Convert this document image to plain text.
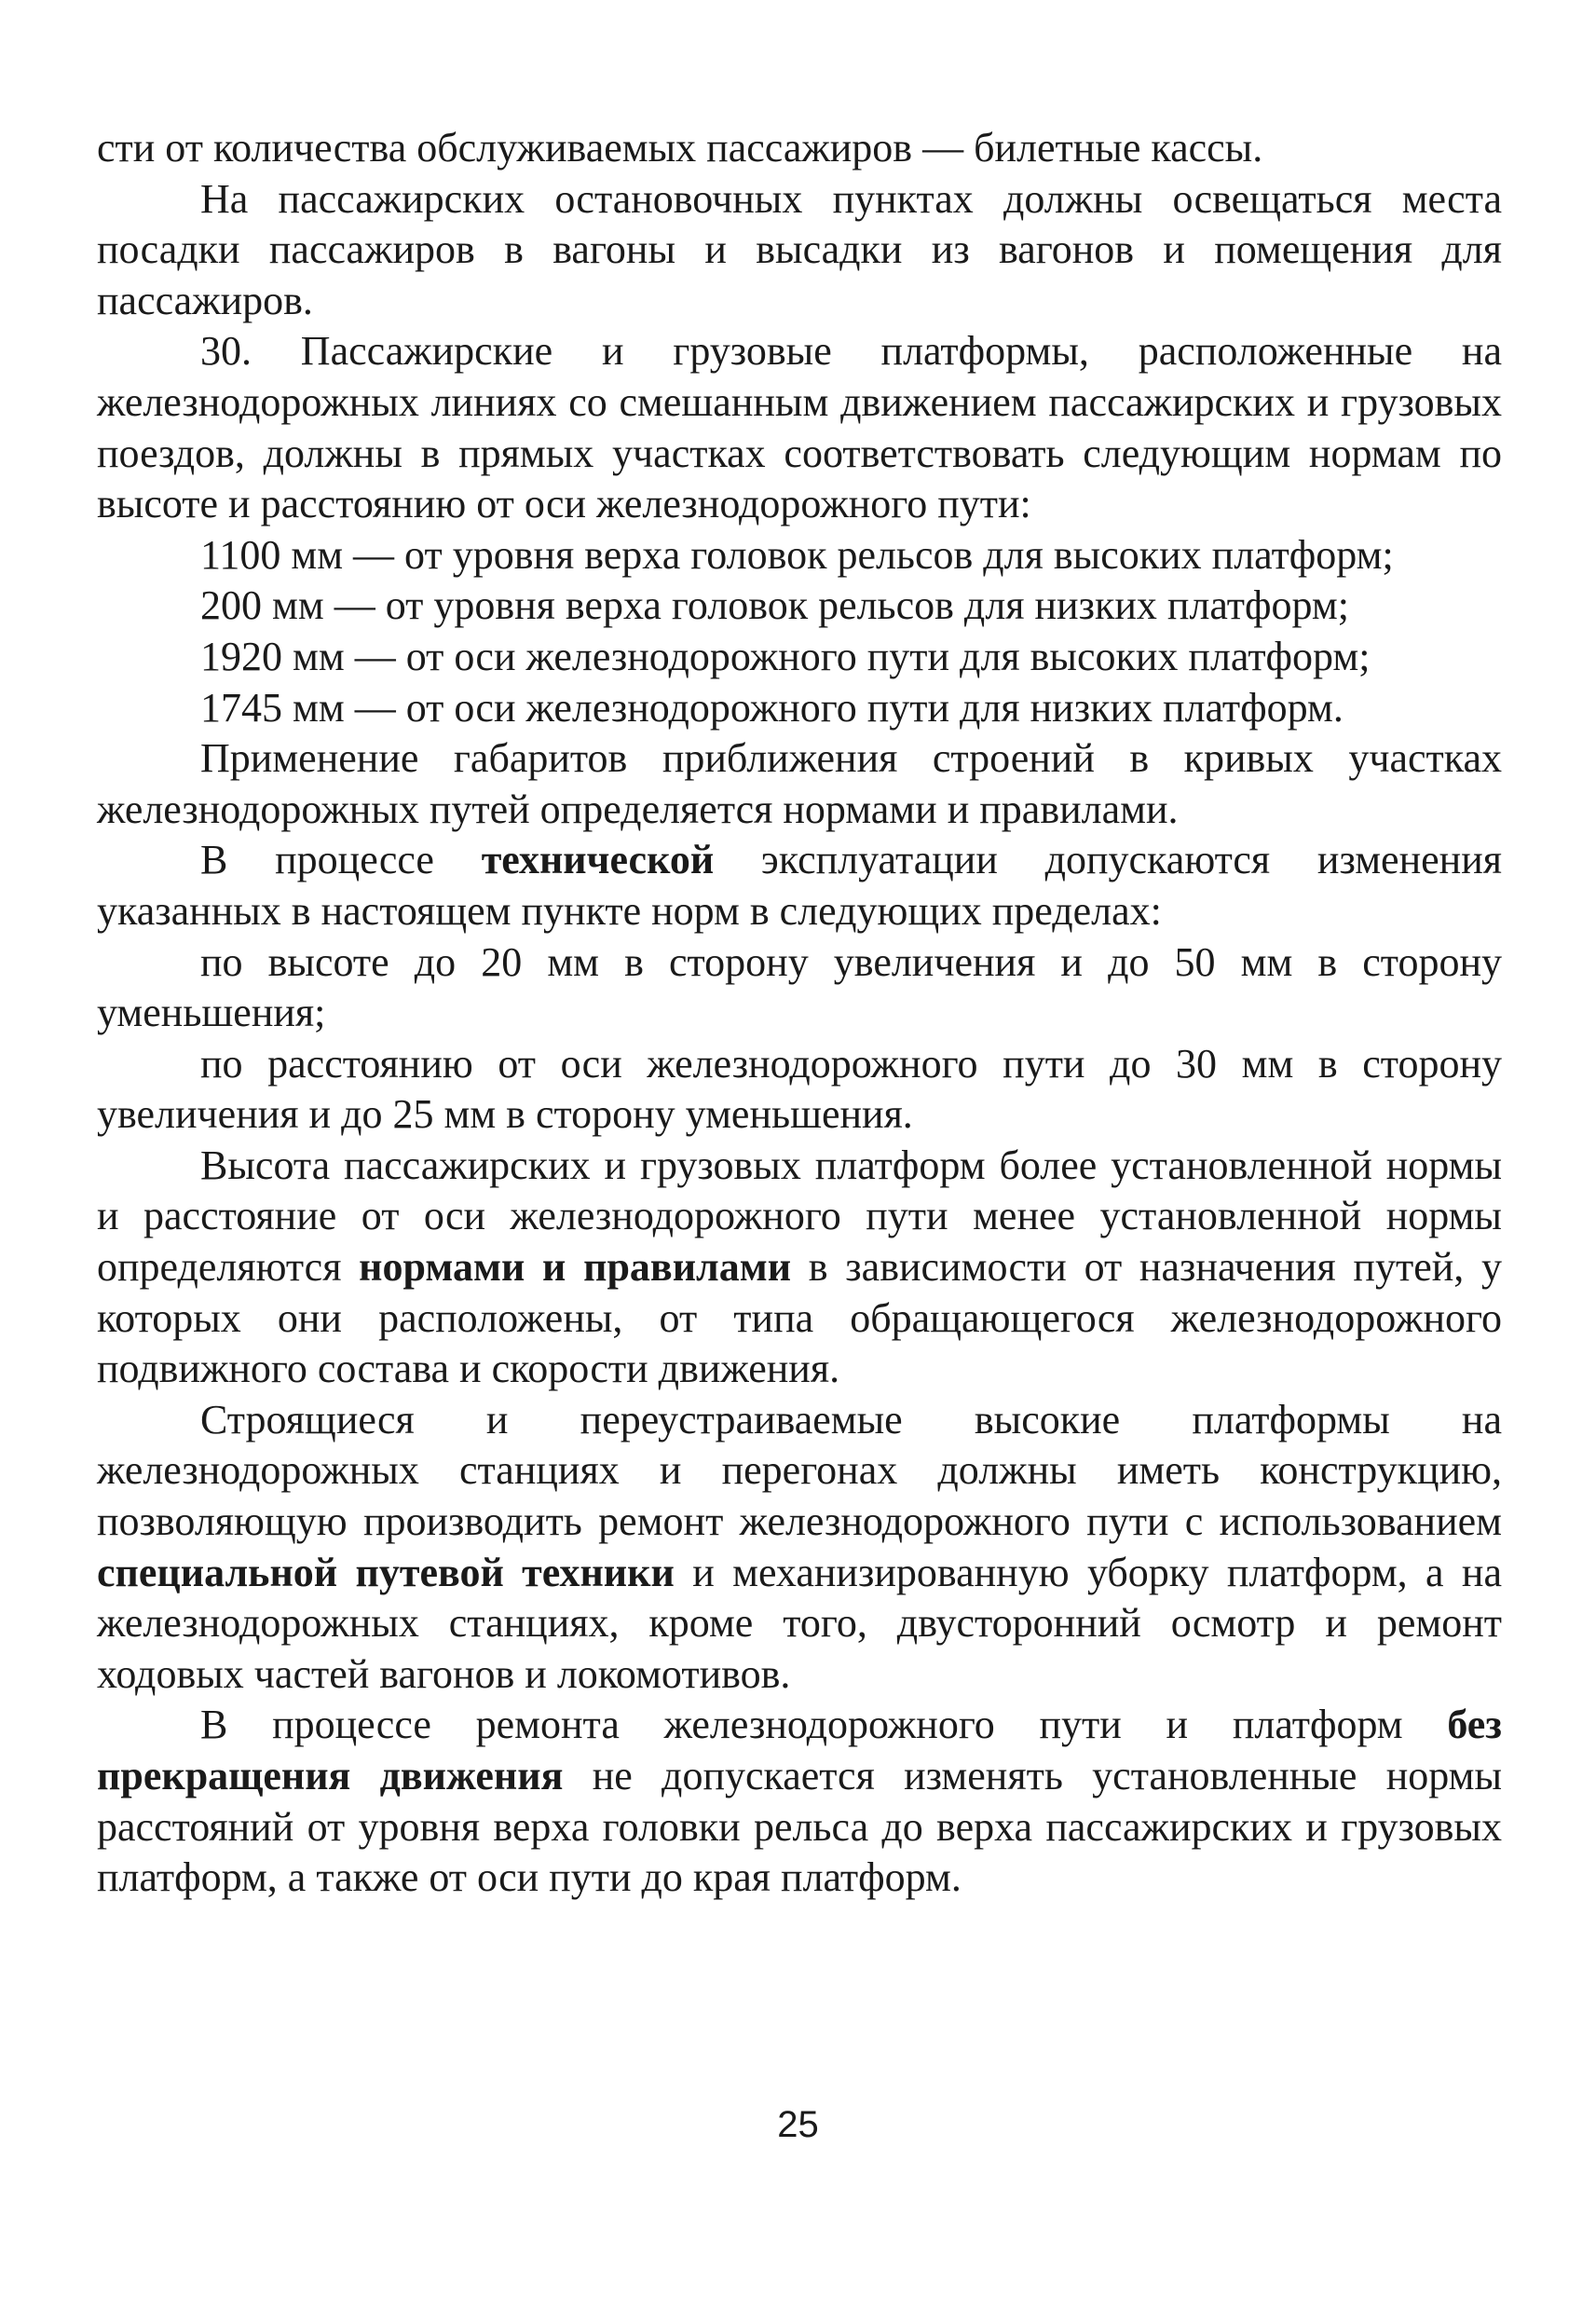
сти от количества обслуживаемых пассажиров — билетные кассы.

На пассажирских остановочных пунктах должны освещаться места посадки пассажиров в вагоны и высадки из вагонов и помещения для пассажиров.

30. Пассажирские и грузовые платформы, расположенные на железнодорожных линиях со смешанным движением пассажирских и грузовых поездов, должны в прямых участках соответствовать следующим нормам по высоте и расстоянию от оси железнодорожного пути:

1100 мм — от уровня верха головок рельсов для высоких платформ;

200 мм — от уровня верха головок рельсов для низких платформ;

1920 мм — от оси железнодорожного пути для высоких платформ;

1745 мм — от оси железнодорожного пути для низких платформ.

Применение габаритов приближения строений в кривых участках железнодорожных путей определяется нормами и правилами.

В процессе технической эксплуатации допускаются изменения указанных в настоящем пункте норм в следующих пределах:

по высоте до 20 мм в сторону увеличения и до 50 мм в сторону уменьшения;

по расстоянию от оси железнодорожного пути до 30 мм в сторону увеличения и до 25 мм в сторону уменьшения.

Высота пассажирских и грузовых платформ более установленной нормы и расстояние от оси железнодорожного пути менее установленной нормы определяются нормами и правилами в зависимости от назначения путей, у которых они расположены, от типа обращающегося железнодорожного подвижного состава и скорости движения.

Строящиеся и переустраиваемые высокие платформы на железнодорожных станциях и перегонах должны иметь конструкцию, позволяющую производить ремонт железнодорожного пути с использованием специальной путевой техники и механизированную уборку платформ, а на железнодорожных станциях, кроме того, двусторонний осмотр и ремонт ходовых частей вагонов и локомотивов.

В процессе ремонта железнодорожного пути и платформ без прекращения движения не допускается изменять установленные нормы расстояний от уровня верха головки рельса до верха пассажирских и грузовых платформ, а также от оси пути до края платформ.

25
